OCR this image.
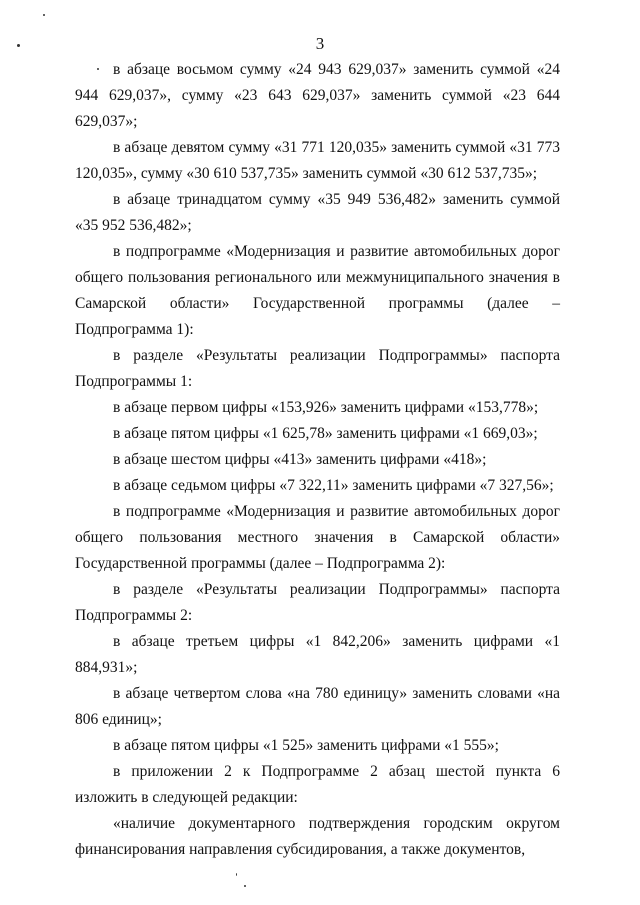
3

в абзаце восьмом сумму «24 943 629,037» заменить суммой «24 944 629,037», сумму «23 643 629,037» заменить суммой «23 644 629,037»;

в абзаце девятом сумму «31 771 120,035» заменить суммой «31 773 120,035», сумму «30 610 537,735» заменить суммой «30 612 537,735»;

в абзаце тринадцатом сумму «35 949 536,482» заменить суммой «35 952 536,482»;

в подпрограмме «Модернизация и развитие автомобильных дорог общего пользования регионального или межмуниципального значения в Самарской области» Государственной программы (далее – Подпрограмма 1):

в разделе «Результаты реализации Подпрограммы» паспорта Подпрограммы 1:

в абзаце первом цифры «153,926» заменить цифрами «153,778»;

в абзаце пятом цифры «1 625,78» заменить цифрами «1 669,03»;

в абзаце шестом цифры «413» заменить цифрами «418»;

в абзаце седьмом цифры «7 322,11» заменить цифрами «7 327,56»;

в подпрограмме «Модернизация и развитие автомобильных дорог общего пользования местного значения в Самарской области» Государственной программы (далее – Подпрограмма 2):

в разделе «Результаты реализации Подпрограммы» паспорта Подпрограммы 2:

в абзаце третьем цифры «1 842,206» заменить цифрами «1 884,931»;

в абзаце четвертом слова «на 780 единицу» заменить словами «на 806 единиц»;

в абзаце пятом цифры «1 525» заменить цифрами «1 555»;

в приложении 2 к Подпрограмме 2 абзац шестой пункта 6 изложить в следующей редакции:

«наличие документарного подтверждения городским округом финансирования направления субсидирования, а также документов,
